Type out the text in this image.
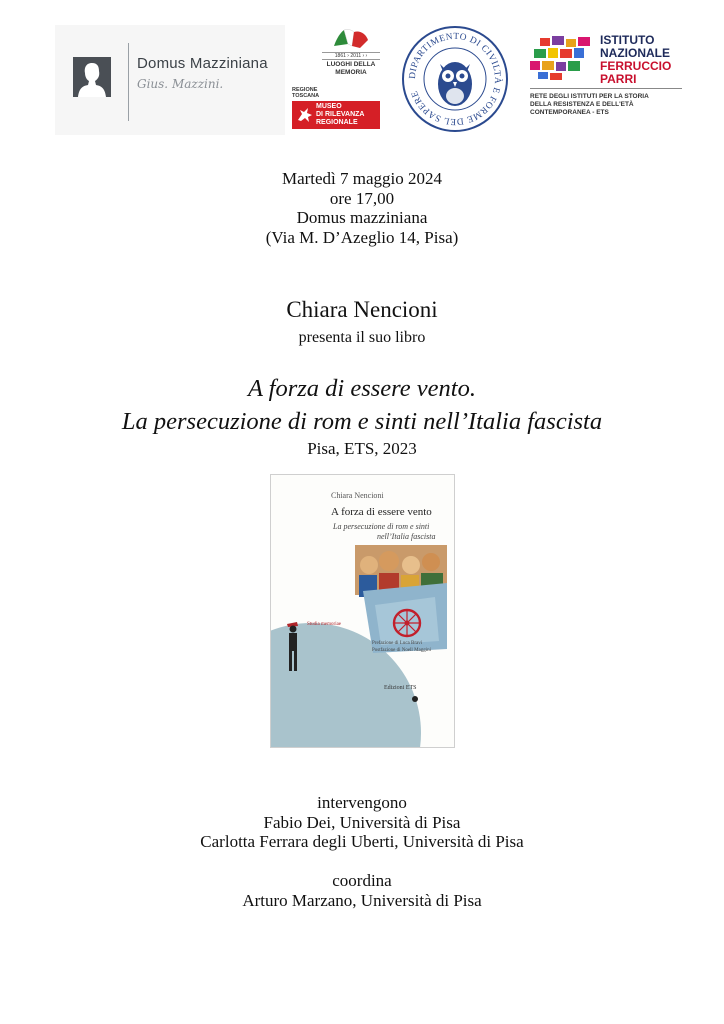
Domus Mazziniana
Gius. Mazzini.
1861 › 2011 › ›
LUOGHI DELLA
MEMORIA
REGIONE
TOSCANA
MUSEO
DI RILEVANZA
REGIONALE
DIPARTIMENTO DI CIVILTÀ E FORME DEL SAPERE
ISTITUTO
NAZIONALE
FERRUCCIO
PARRI
RETE DEGLI ISTITUTI PER LA STORIA
DELLA RESISTENZA E DELL'ETÀ
CONTEMPORANEA - ETS
Martedì 7 maggio 2024
ore 17,00
Domus mazziniana
(Via M. D’Azeglio 14, Pisa)
Chiara Nencioni
presenta il suo libro
A forza di essere vento.
La persecuzione di rom e sinti nell’Italia fascista
Pisa, ETS, 2023
Chiara Nencioni
A forza di essere vento
La persecuzione di rom e sinti
nell’Italia fascista
Prefazione di Luca Bravi
Postfazione di Noell Maggini
Studia memoriae
Edizioni ETS
intervengono
Fabio Dei, Università di Pisa
Carlotta Ferrara degli Uberti, Università di Pisa
coordina
Arturo Marzano, Università di Pisa
